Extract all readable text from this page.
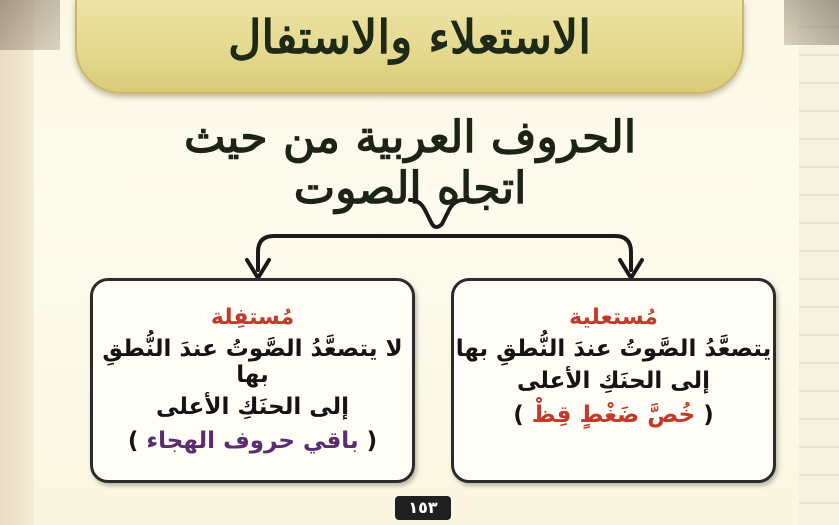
الاستعلاء والاستفال
الحروف العربية من حيث اتجاه الصوت
مُستعلية
يتصعَّدُ الصَّوتُ عندَ النُّطقِ بها
إلى الحنَكِ الأعلى
( خُصَّ ضَغْطٍ قِظْ )
مُستفِلة
لا يتصعَّدُ الصَّوتُ عندَ النُّطقِ بها
إلى الحنَكِ الأعلى
( باقي حروف الهجاء )
١٥٣
